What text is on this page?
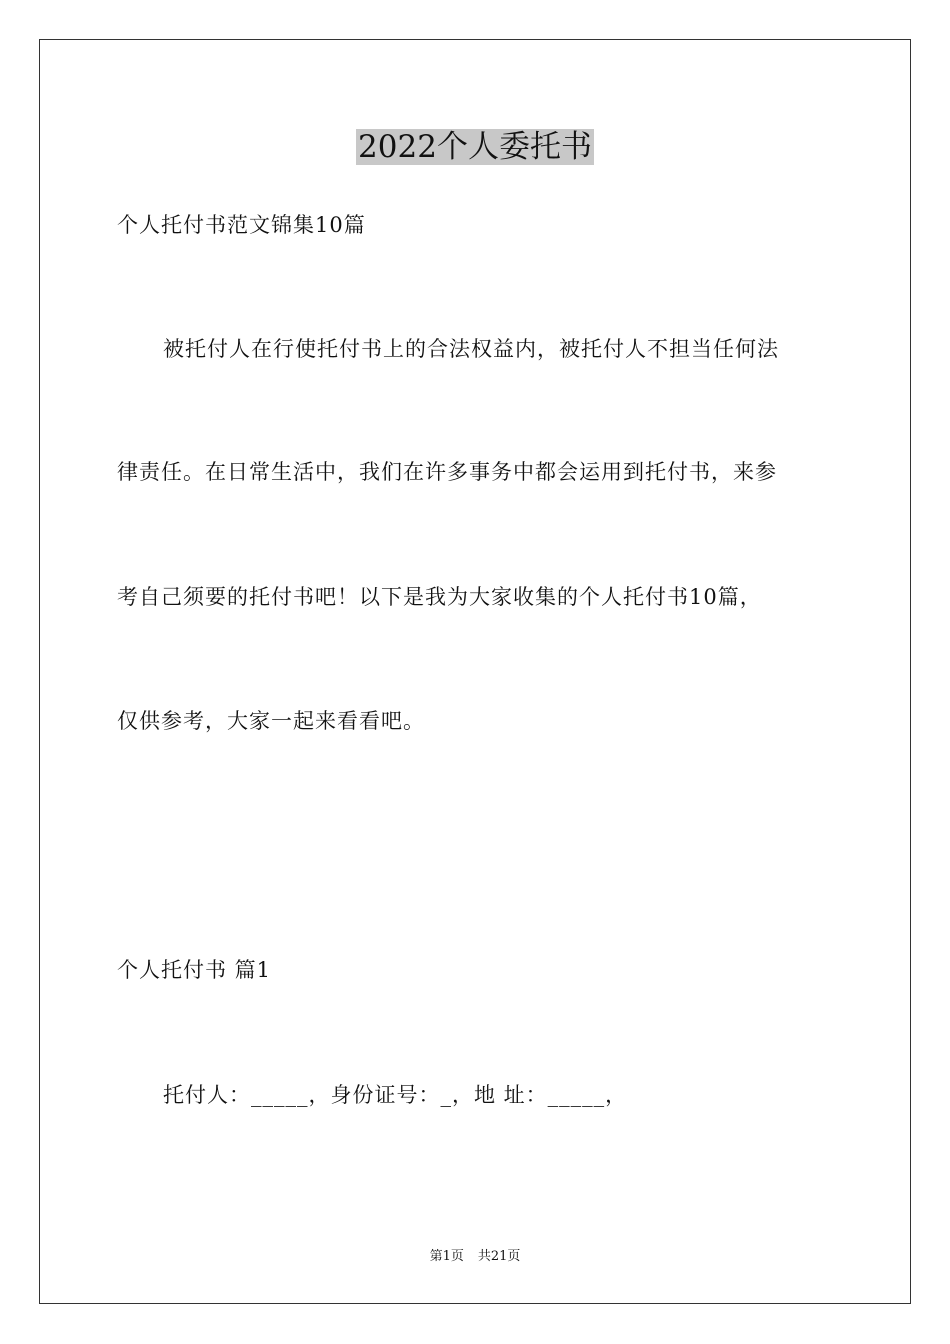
2022个人委托书
个人托付书范文锦集10篇
被托付人在行使托付书上的合法权益内，被托付人不担当任何法
律责任。在日常生活中，我们在许多事务中都会运用到托付书，来参
考自己须要的托付书吧！以下是我为大家收集的个人托付书10篇，
仅供参考，大家一起来看看吧。
个人托付书 篇1
托付人：_____，身份证号：_，地 址：_____，
第1页 共21页
